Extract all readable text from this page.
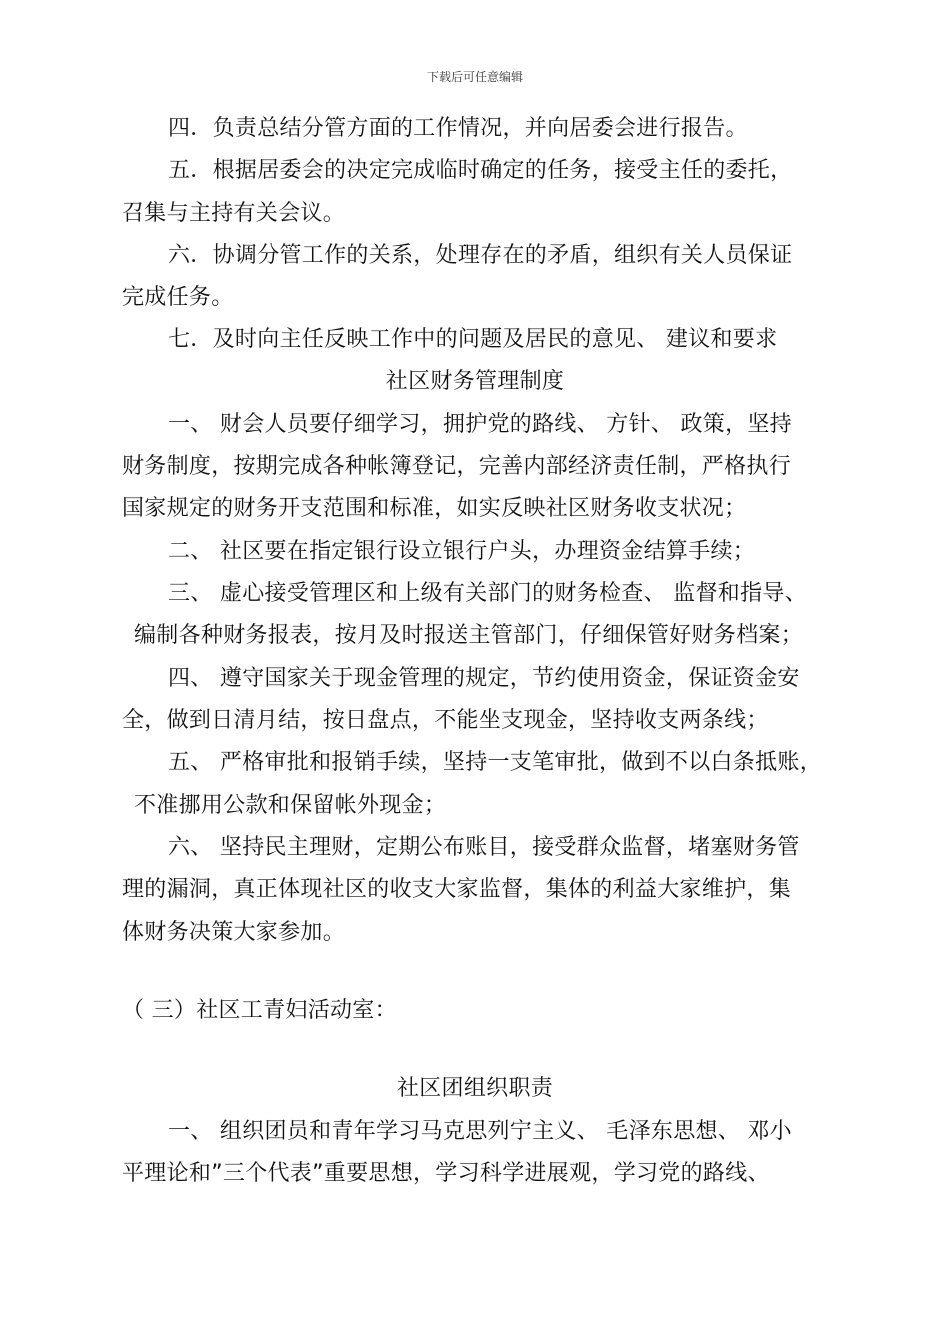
下载后可任意编辑
四．负责总结分管方面的工作情况，并向居委会进行报告。
五．根据居委会的决定完成临时确定的任务，接受主任的委托，
召集与主持有关会议。
六．协调分管工作的关系，处理存在的矛盾，组织有关人员保证
完成任务。
七．及时向主任反映工作中的问题及居民的意见、 建议和要求
社区财务管理制度
一、 财会人员要仔细学习，拥护党的路线、 方针、 政策，坚持
财务制度，按期完成各种帐簿登记，完善内部经济责任制，严格执行
国家规定的财务开支范围和标准，如实反映社区财务收支状况；
二、 社区要在指定银行设立银行户头，办理资金结算手续；
三、 虚心接受管理区和上级有关部门的财务检查、 监督和指导、
编制各种财务报表，按月及时报送主管部门，仔细保管好财务档案；
四、 遵守国家关于现金管理的规定，节约使用资金，保证资金安
全，做到日清月结，按日盘点，不能坐支现金，坚持收支两条线；
五、 严格审批和报销手续，坚持一支笔审批，做到不以白条抵账，
不准挪用公款和保留帐外现金；
六、 坚持民主理财，定期公布账目，接受群众监督，堵塞财务管
理的漏洞，真正体现社区的收支大家监督，集体的利益大家维护，集
体财务决策大家参加。
（ 三）社区工青妇活动室：
社区团组织职责
一、 组织团员和青年学习马克思列宁主义、 毛泽东思想、 邓小
平理论和”三个代表”重要思想，学习科学进展观，学习党的路线、
